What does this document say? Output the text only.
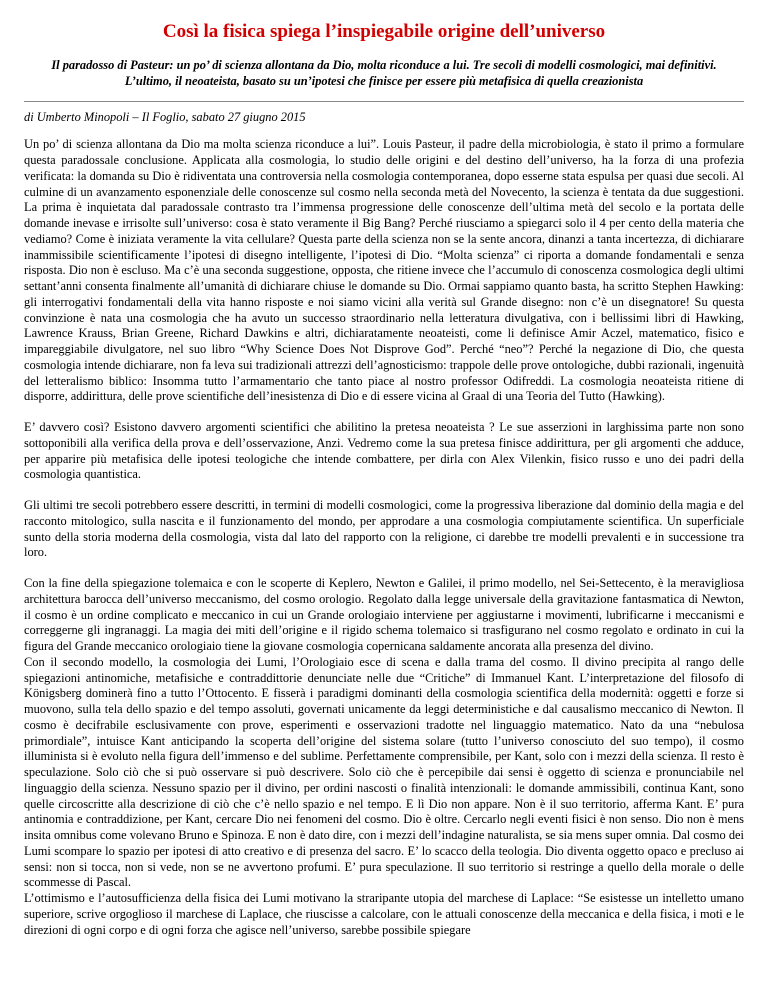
Così la fisica spiega l’inspiegabile origine dell’universo
Il paradosso di Pasteur: un po’ di scienza allontana da Dio, molta riconduce a lui. Tre secoli di modelli cosmologici, mai definitivi. L’ultimo, il neoateista, basato su un’ipotesi che finisce per essere più metafisica di quella creazionista
di Umberto Minopoli – Il Foglio, sabato 27 giugno 2015

Un po’ di scienza allontana da Dio ma molta scienza riconduce a lui”. Louis Pasteur, il padre della microbiologia, è stato il primo a formulare questa paradossale conclusione. Applicata alla cosmologia, lo studio delle origini e del destino dell’universo, ha la forza di una profezia verificata: la domanda su Dio è ridiventata una controversia nella cosmologia contemporanea, dopo esserne stata espulsa per quasi due secoli. Al culmine di un avanzamento esponenziale delle conoscenze sul cosmo nella seconda metà del Novecento, la scienza è tentata da due suggestioni. La prima è inquietata dal paradossale contrasto tra l’immensa progressione delle conoscenze dell’ultima metà del secolo e la portata delle domande inevase e irrisolte sull’universo: cosa è stato veramente il Big Bang? Perché riusciamo a spiegarci solo il 4 per cento della materia che vediamo? Come è iniziata veramente la vita cellulare? Questa parte della scienza non se la sente ancora, dinanzi a tanta incertezza, di dichiarare inammissibile scientificamente l’ipotesi di disegno intelligente, l’ipotesi di Dio. “Molta scienza” ci riporta a domande fondamentali e senza risposta. Dio non è escluso. Ma c’è una seconda suggestione, opposta, che ritiene invece che l’accumulo di conoscenza cosmologica degli ultimi settant’anni consenta finalmente all’umanità di dichiarare chiuse le domande su Dio. Ormai sappiamo quanto basta, ha scritto Stephen Hawking: gli interrogativi fondamentali della vita hanno risposte e noi siamo vicini alla verità sul Grande disegno: non c’è un disegnatore! Su questa convinzione è nata una cosmologia che ha avuto un successo straordinario nella letteratura divulgativa, con i bellissimi libri di Hawking, Lawrence Krauss, Brian Greene, Richard Dawkins e altri, dichiaratamente neoateisti, come li definisce Amir Aczel, matematico, fisico e impareggiabile divulgatore, nel suo libro “Why Science Does Not Disprove God”. Perché “neo”? Perché la negazione di Dio, che questa cosmologia intende dichiarare, non fa leva sui tradizionali attrezzi dell’agnosticismo: trappole delle prove ontologiche, dubbi razionali, ingenuità del letteralismo biblico: Insomma tutto l’armamentario che tanto piace al nostro professor Odifreddi. La cosmologia neoateista ritiene di disporre, addirittura, delle prove scientifiche dell’inesistenza di Dio e di essere vicina al Graal di una Teoria del Tutto (Hawking).

E’ davvero così? Esistono davvero argomenti scientifici che abilitino la pretesa neoateista ? Le sue asserzioni in larghissima parte non sono sottoponibili alla verifica della prova e dell’osservazione, Anzi. Vedremo come la sua pretesa finisce addirittura, per gli argomenti che adduce, per apparire più metafisica delle ipotesi teologiche che intende combattere, per dirla con Alex Vilenkin, fisico russo e uno dei padri della cosmologia quantistica.

Gli ultimi tre secoli potrebbero essere descritti, in termini di modelli cosmologici, come la progressiva liberazione dal dominio della magia e del racconto mitologico, sulla nascita e il funzionamento del mondo, per approdare a una cosmologia compiutamente scientifica. Un superficiale sunto della storia moderna della cosmologia, vista dal lato del rapporto con la religione, ci darebbe tre modelli prevalenti e in successione tra loro.

Con la fine della spiegazione tolemaica e con le scoperte di Keplero, Newton e Galilei, il primo modello, nel Sei-Settecento, è la meravigliosa architettura barocca dell’universo meccanismo, del cosmo orologio. Regolato dalla legge universale della gravitazione fantasmatica di Newton, il cosmo è un ordine complicato e meccanico in cui un Grande orologiaio interviene per aggiustarne i movimenti, lubrificarne i meccanismi e correggerne gli ingranaggi. La magia dei miti dell’origine e il rigido schema tolemaico si trasfigurano nel cosmo regolato e ordinato in cui la figura del Grande meccanico orologiaio tiene la giovane cosmologia copernicana saldamente ancorata alla presenza del divino.

Con il secondo modello, la cosmologia dei Lumi, l’Orologiaio esce di scena e dalla trama del cosmo. Il divino precipita al rango delle spiegazioni antinomiche, metafisiche e contraddittorie denunciate nelle due “Critiche” di Immanuel Kant. L’interpretazione del filosofo di Königsberg dominerà fino a tutto l’Ottocento. E fisserà i paradigmi dominanti della cosmologia scientifica della modernità: oggetti e forze si muovono, sulla tela dello spazio e del tempo assoluti, governati unicamente da leggi deterministiche e dal causalismo meccanico di Newton. Il cosmo è decifrabile esclusivamente con prove, esperimenti e osservazioni tradotte nel linguaggio matematico. Nato da una “nebulosa primordiale”, intuisce Kant anticipando la scoperta dell’origine del sistema solare (tutto l’universo conosciuto del suo tempo), il cosmo illuminista si è evoluto nella figura dell’immenso e del sublime. Perfettamente comprensibile, per Kant, solo con i mezzi della scienza. Il resto è speculazione. Solo ciò che si può osservare si può descrivere. Solo ciò che è percepibile dai sensi è oggetto di scienza e pronunciabile nel linguaggio della scienza. Nessuno spazio per il divino, per ordini nascosti o finalità intenzionali: le domande ammissibili, continua Kant, sono quelle circoscritte alla descrizione di ciò che c’è nello spazio e nel tempo. E lì Dio non appare. Non è il suo territorio, afferma Kant. E’ pura antinomia e contraddizione, per Kant, cercare Dio nei fenomeni del cosmo. Dio è oltre. Cercarlo negli eventi fisici è non senso. Dio non è mens insita omnibus come volevano Bruno e Spinoza. E non è dato dire, con i mezzi dell’indagine naturalista, se sia mens super omnia. Dal cosmo dei Lumi scompare lo spazio per ipotesi di atto creativo e di presenza del sacro. E’ lo scacco della teologia. Dio diventa oggetto opaco e precluso ai sensi: non si tocca, non si vede, non se ne avvertono profumi. E’ pura speculazione. Il suo territorio si restringe a quello della morale o delle scommesse di Pascal.

L’ottimismo e l’autosufficienza della fisica dei Lumi motivano la straripante utopia del marchese di Laplace: “Se esistesse un intelletto umano superiore, scrive orgoglioso il marchese di Laplace, che riuscisse a calcolare, con le attuali conoscenze della meccanica e della fisica, i moti e le direzioni di ogni corpo e di ogni forza che agisce nell’universo, sarebbe possibile spiegare
